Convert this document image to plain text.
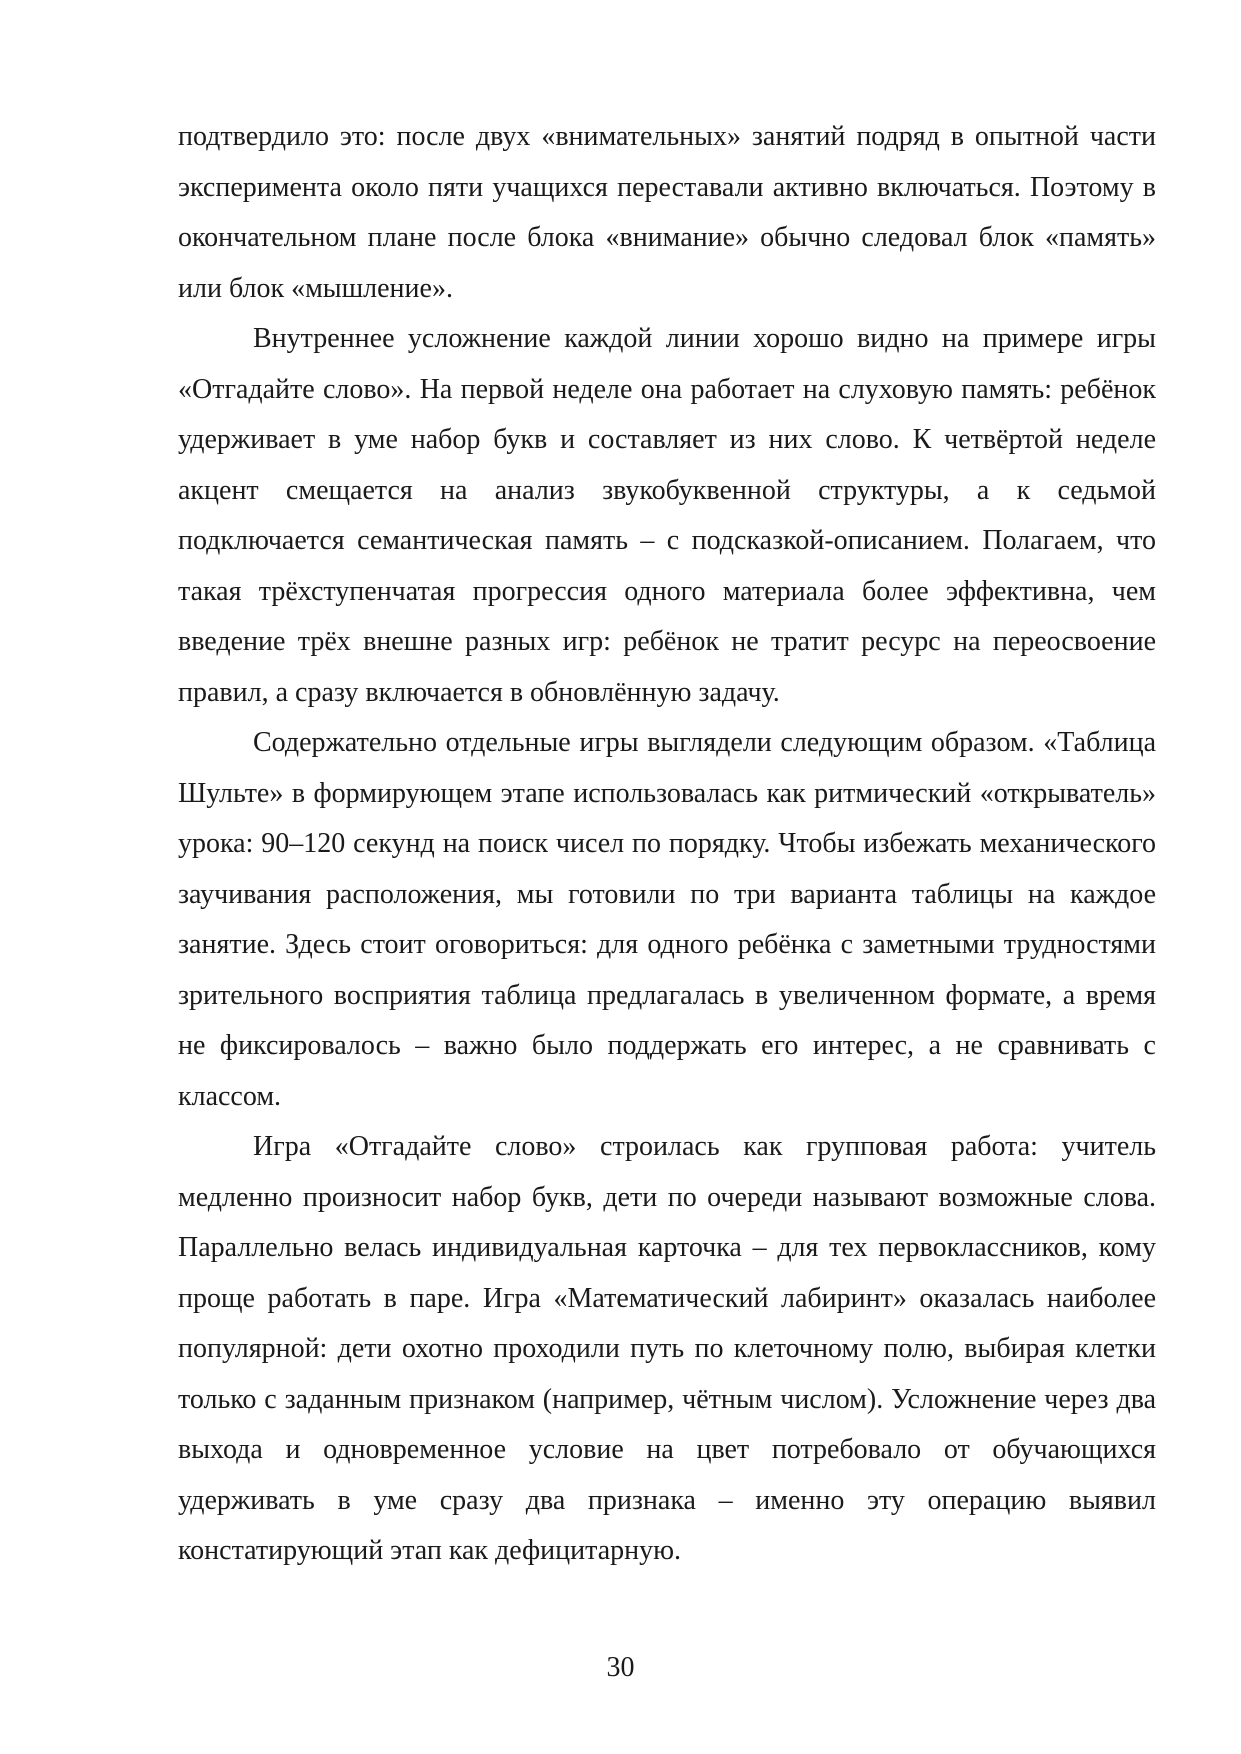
подтвердило это: после двух «внимательных» занятий подряд в опытной части эксперимента около пяти учащихся переставали активно включаться. Поэтому в окончательном плане после блока «внимание» обычно следовал блок «память» или блок «мышление».

Внутреннее усложнение каждой линии хорошо видно на примере игры «Отгадайте слово». На первой неделе она работает на слуховую память: ребёнок удерживает в уме набор букв и составляет из них слово. К четвёртой неделе акцент смещается на анализ звукобуквенной структуры, а к седьмой подключается семантическая память – с подсказкой-описанием. Полагаем, что такая трёхступенчатая прогрессия одного материала более эффективна, чем введение трёх внешне разных игр: ребёнок не тратит ресурс на переосвоение правил, а сразу включается в обновлённую задачу.

Содержательно отдельные игры выглядели следующим образом. «Таблица Шульте» в формирующем этапе использовалась как ритмический «открыватель» урока: 90–120 секунд на поиск чисел по порядку. Чтобы избежать механического заучивания расположения, мы готовили по три варианта таблицы на каждое занятие. Здесь стоит оговориться: для одного ребёнка с заметными трудностями зрительного восприятия таблица предлагалась в увеличенном формате, а время не фиксировалось – важно было поддержать его интерес, а не сравнивать с классом.

Игра «Отгадайте слово» строилась как групповая работа: учитель медленно произносит набор букв, дети по очереди называют возможные слова. Параллельно велась индивидуальная карточка – для тех первоклассников, кому проще работать в паре. Игра «Математический лабиринт» оказалась наиболее популярной: дети охотно проходили путь по клеточному полю, выбирая клетки только с заданным признаком (например, чётным числом). Усложнение через два выхода и одновременное условие на цвет потребовало от обучающихся удерживать в уме сразу два признака – именно эту операцию выявил констатирующий этап как дефицитарную.

30
